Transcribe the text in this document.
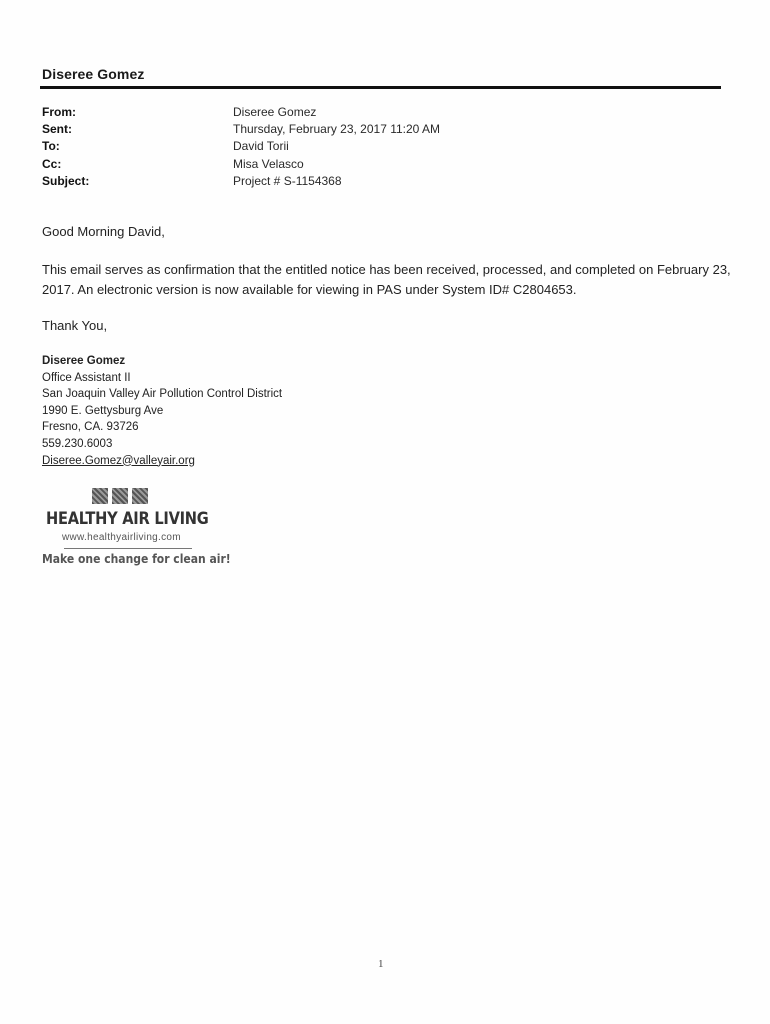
Diseree Gomez
From:	Diseree Gomez
Sent:	Thursday, February 23, 2017 11:20 AM
To:	David Torii
Cc:	Misa Velasco
Subject:	Project # S-1154368
Good Morning David,
This email serves as confirmation that the entitled notice has been received, processed, and completed on February 23, 2017. An electronic version is now available for viewing in PAS under System ID# C2804653.
Thank You,
Diseree Gomez
Office Assistant II
San Joaquin Valley Air Pollution Control District
1990 E. Gettysburg Ave
Fresno, CA. 93726
559.230.6003
Diseree.Gomez@valleyair.org
HEALTHY AIR LIVING
www.healthyairliving.com
Make one change for clean air!
1
